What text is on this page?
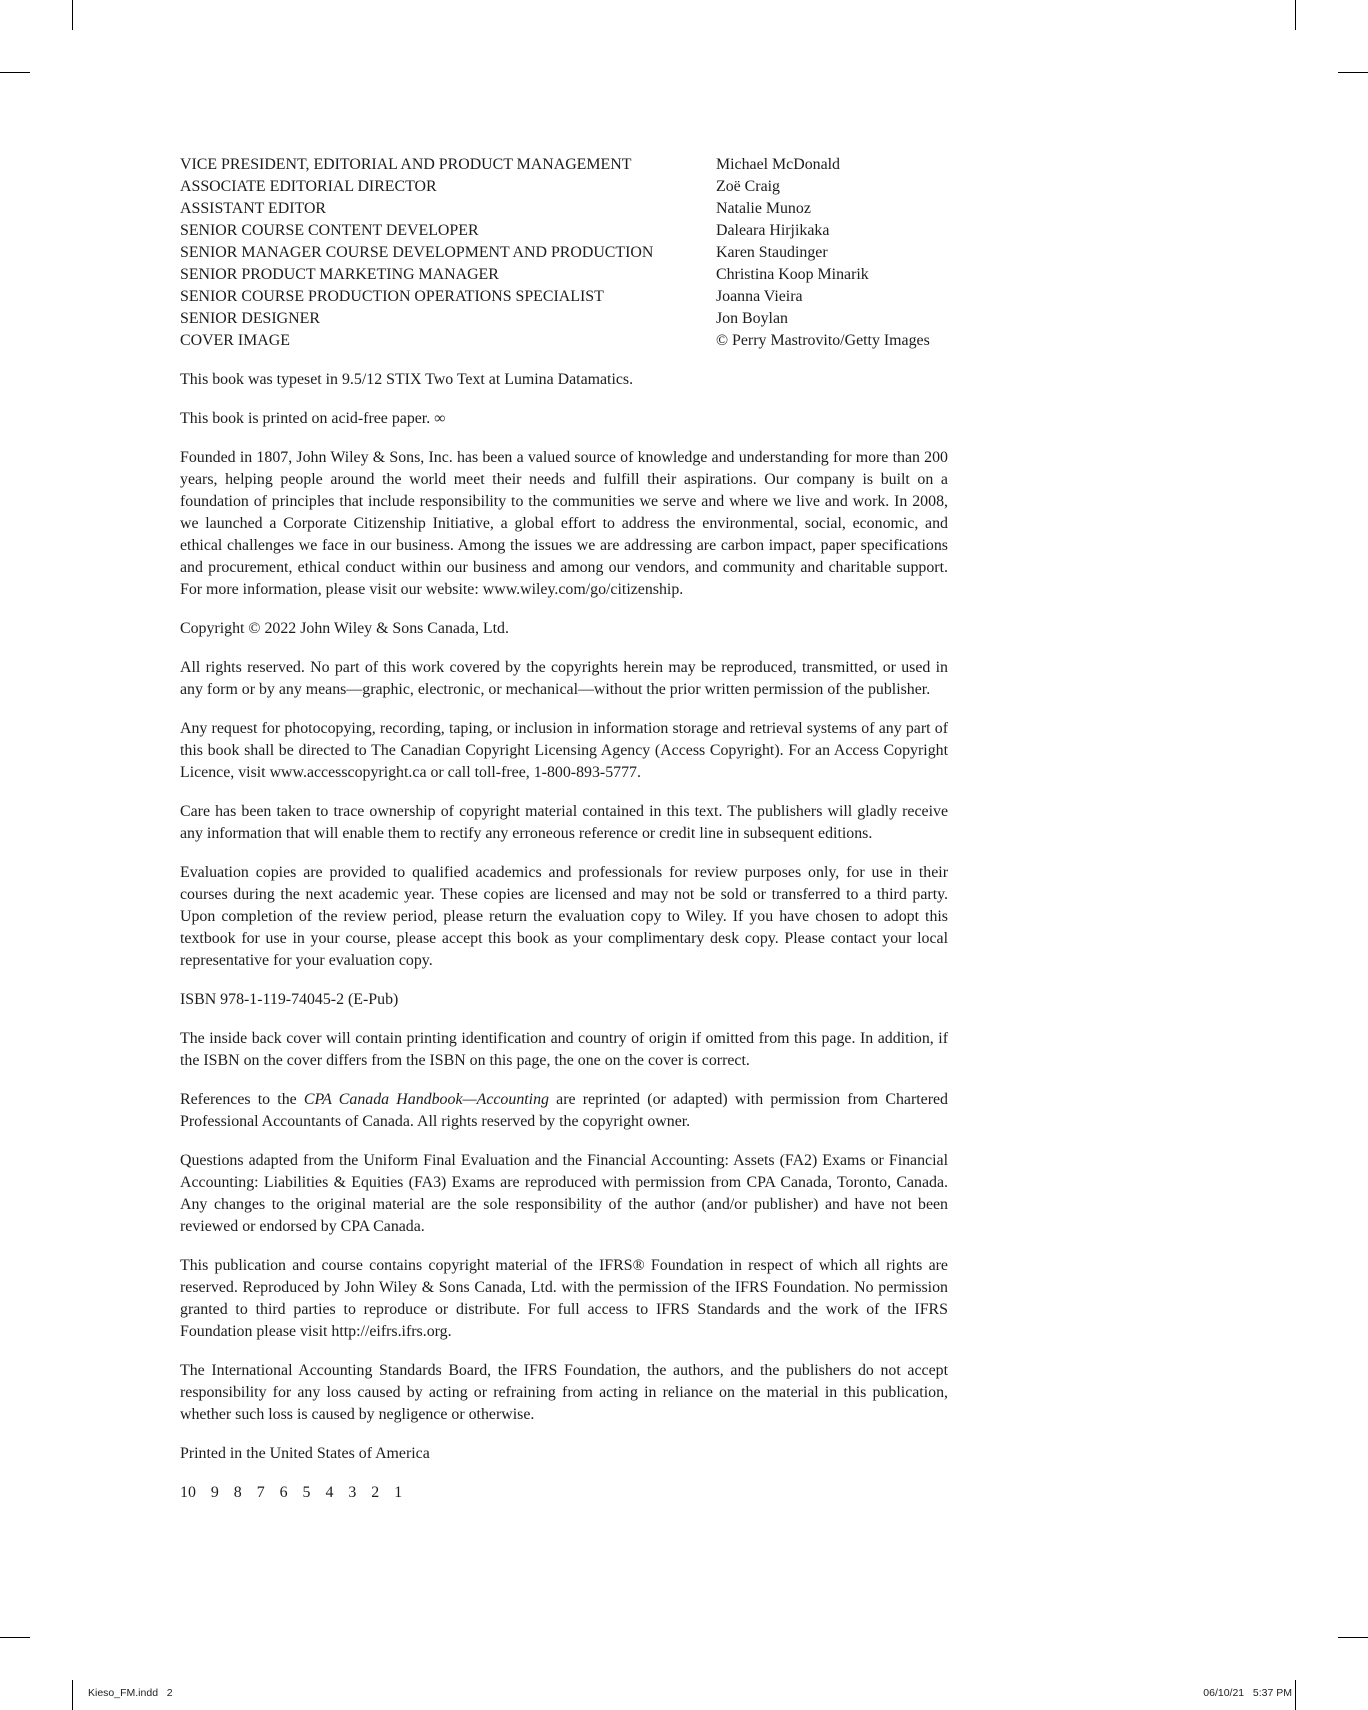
VICE PRESIDENT, EDITORIAL AND PRODUCT MANAGEMENT	Michael McDonald
ASSOCIATE EDITORIAL DIRECTOR	Zoë Craig
ASSISTANT EDITOR	Natalie Munoz
SENIOR COURSE CONTENT DEVELOPER	Daleara Hirjikaka
SENIOR MANAGER COURSE DEVELOPMENT AND PRODUCTION	Karen Staudinger
SENIOR PRODUCT MARKETING MANAGER	Christina Koop Minarik
SENIOR COURSE PRODUCTION OPERATIONS SPECIALIST	Joanna Vieira
SENIOR DESIGNER	Jon Boylan
COVER IMAGE	© Perry Mastrovito/Getty Images

This book was typeset in 9.5/12 STIX Two Text at Lumina Datamatics.

This book is printed on acid-free paper. ∞

Founded in 1807, John Wiley & Sons, Inc. has been a valued source of knowledge and understanding for more than 200 years, helping people around the world meet their needs and fulfill their aspirations. Our company is built on a foundation of principles that include responsibility to the communities we serve and where we live and work. In 2008, we launched a Corporate Citizenship Initiative, a global effort to address the environmental, social, economic, and ethical challenges we face in our business. Among the issues we are addressing are carbon impact, paper specifications and procurement, ethical conduct within our business and among our vendors, and community and charitable support. For more information, please visit our website: www.wiley.com/go/citizenship.

Copyright © 2022 John Wiley & Sons Canada, Ltd.

All rights reserved. No part of this work covered by the copyrights herein may be reproduced, transmitted, or used in any form or by any means—graphic, electronic, or mechanical—without the prior written permission of the publisher.

Any request for photocopying, recording, taping, or inclusion in information storage and retrieval systems of any part of this book shall be directed to The Canadian Copyright Licensing Agency (Access Copyright). For an Access Copyright Licence, visit www.accesscopyright.ca or call toll-free, 1-800-893-5777.

Care has been taken to trace ownership of copyright material contained in this text. The publishers will gladly receive any information that will enable them to rectify any erroneous reference or credit line in subsequent editions.

Evaluation copies are provided to qualified academics and professionals for review purposes only, for use in their courses during the next academic year. These copies are licensed and may not be sold or transferred to a third party. Upon completion of the review period, please return the evaluation copy to Wiley. If you have chosen to adopt this textbook for use in your course, please accept this book as your complimentary desk copy. Please contact your local representative for your evaluation copy.

ISBN 978-1-119-74045-2 (E-Pub)

The inside back cover will contain printing identification and country of origin if omitted from this page. In addition, if the ISBN on the cover differs from the ISBN on this page, the one on the cover is correct.

References to the CPA Canada Handbook—Accounting are reprinted (or adapted) with permission from Chartered Professional Accountants of Canada. All rights reserved by the copyright owner.

Questions adapted from the Uniform Final Evaluation and the Financial Accounting: Assets (FA2) Exams or Financial Accounting: Liabilities & Equities (FA3) Exams are reproduced with permission from CPA Canada, Toronto, Canada. Any changes to the original material are the sole responsibility of the author (and/or publisher) and have not been reviewed or endorsed by CPA Canada.

This publication and course contains copyright material of the IFRS® Foundation in respect of which all rights are reserved. Reproduced by John Wiley & Sons Canada, Ltd. with the permission of the IFRS Foundation. No permission granted to third parties to reproduce or distribute. For full access to IFRS Standards and the work of the IFRS Foundation please visit http://eifrs.ifrs.org.

The International Accounting Standards Board, the IFRS Foundation, the authors, and the publishers do not accept responsibility for any loss caused by acting or refraining from acting in reliance on the material in this publication, whether such loss is caused by negligence or otherwise.

Printed in the United States of America

10 9 8 7 6 5 4 3 2 1

Kieso_FM.indd   2	06/10/21   5:37 PM
